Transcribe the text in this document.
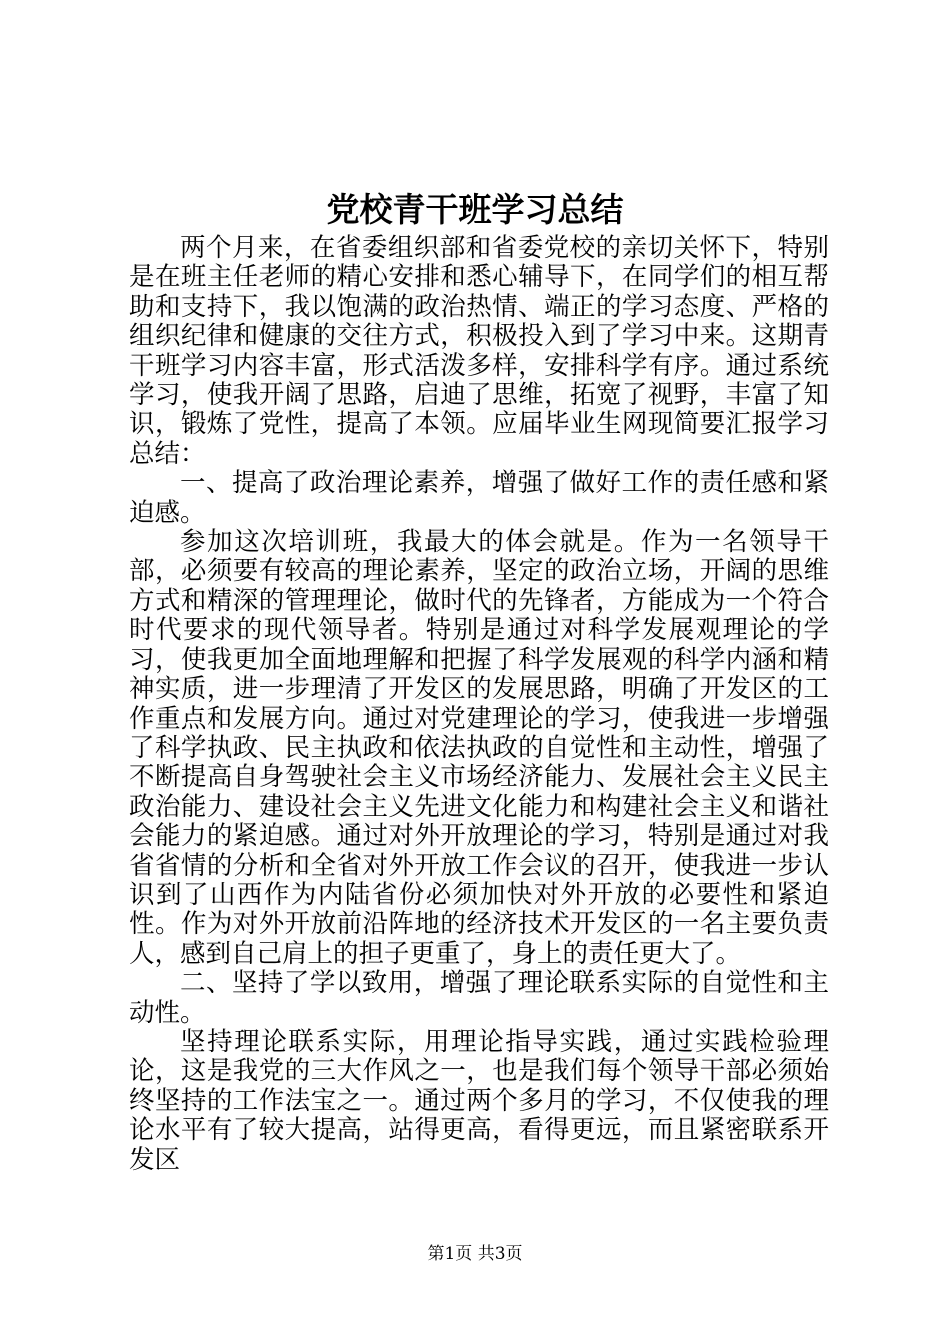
党校青干班学习总结

两个月来，在省委组织部和省委党校的亲切关怀下，特别是在班主任老师的精心安排和悉心辅导下，在同学们的相互帮助和支持下，我以饱满的政治热情、端正的学习态度、严格的组织纪律和健康的交往方式，积极投入到了学习中来。这期青干班学习内容丰富，形式活泼多样，安排科学有序。通过系统学习，使我开阔了思路，启迪了思维，拓宽了视野，丰富了知识，锻炼了党性，提高了本领。应届毕业生网现简要汇报学习总结：

一、提高了政治理论素养，增强了做好工作的责任感和紧迫感。

参加这次培训班，我最大的体会就是。作为一名领导干部，必须要有较高的理论素养，坚定的政治立场，开阔的思维方式和精深的管理理论，做时代的先锋者，方能成为一个符合时代要求的现代领导者。特别是通过对科学发展观理论的学习，使我更加全面地理解和把握了科学发展观的科学内涵和精神实质，进一步理清了开发区的发展思路，明确了开发区的工作重点和发展方向。通过对党建理论的学习，使我进一步增强了科学执政、民主执政和依法执政的自觉性和主动性，增强了不断提高自身驾驶社会主义市场经济能力、发展社会主义民主政治能力、建设社会主义先进文化能力和构建社会主义和谐社会能力的紧迫感。通过对外开放理论的学习，特别是通过对我省省情的分析和全省对外开放工作会议的召开，使我进一步认识到了山西作为内陆省份必须加快对外开放的必要性和紧迫性。作为对外开放前沿阵地的经济技术开发区的一名主要负责人，感到自己肩上的担子更重了，身上的责任更大了。

二、坚持了学以致用，增强了理论联系实际的自觉性和主动性。

坚持理论联系实际，用理论指导实践，通过实践检验理论，这是我党的三大作风之一，也是我们每个领导干部必须始终坚持的工作法宝之一。通过两个多月的学习，不仅使我的理论水平有了较大提高，站得更高，看得更远，而且紧密联系开发区

第1页 共3页
